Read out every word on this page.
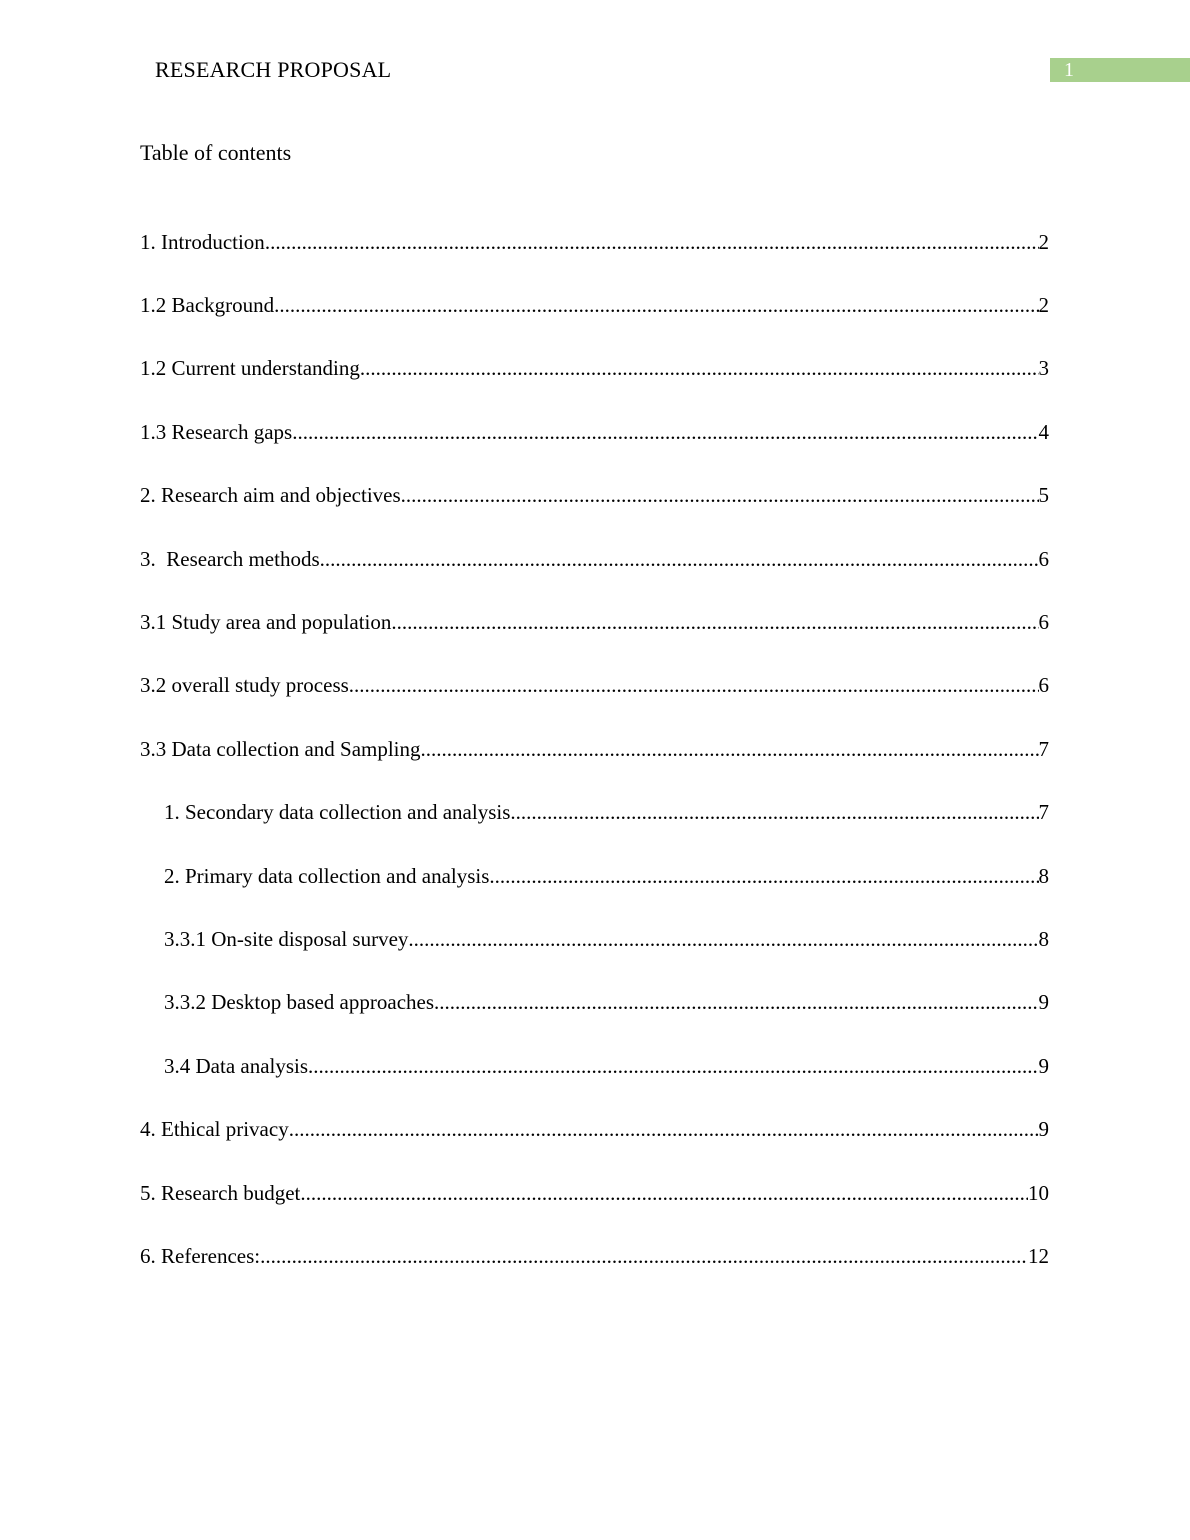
RESEARCH PROPOSAL	1
Table of contents
1. Introduction .....	2
1.2 Background .....	2
1.2 Current understanding .....	3
1.3 Research gaps .....	4
2. Research aim and objectives .....	5
3.  Research methods .....	6
3.1 Study area and population .....	6
3.2 overall study process .....	6
3.3 Data collection and Sampling .....	7
1. Secondary data collection and analysis .....	7
2. Primary data collection and analysis .....	8
3.3.1 On-site disposal survey .....	8
3.3.2 Desktop based approaches .....	9
3.4 Data analysis .....	9
4. Ethical privacy .....	9
5. Research budget .....	10
6. References: .....	12
